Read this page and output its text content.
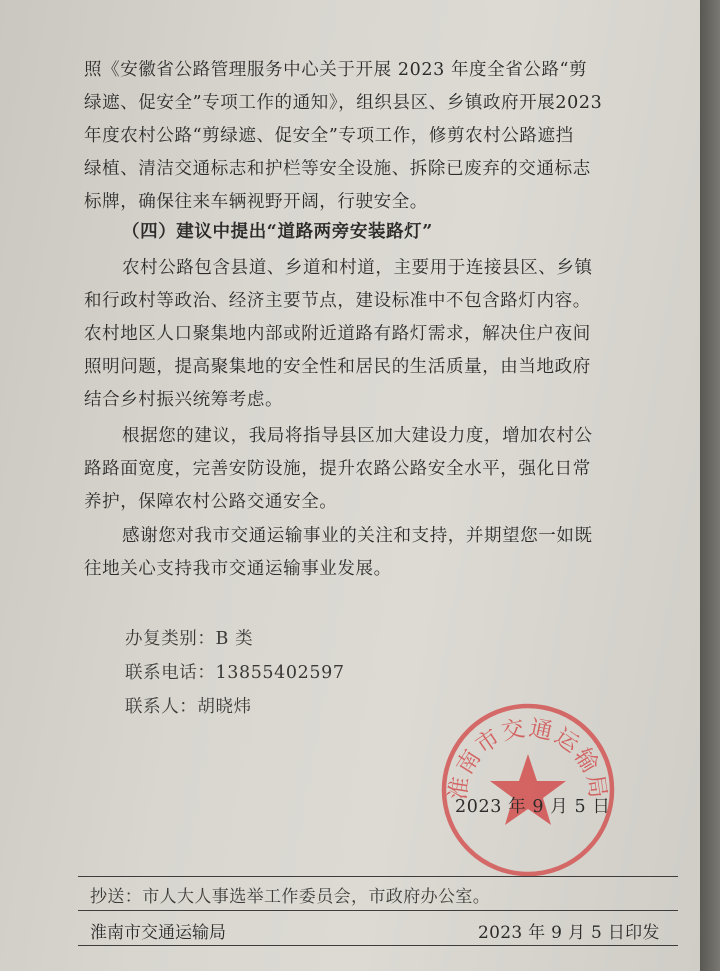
照《安徽省公路管理服务中心关于开展 2023 年度全省公路“剪
绿遮、促安全”专项工作的通知》，组织县区、乡镇政府开展2023
年度农村公路“剪绿遮、促安全”专项工作，修剪农村公路遮挡
绿植、清洁交通标志和护栏等安全设施、拆除已废弃的交通标志
标牌，确保往来车辆视野开阔，行驶安全。
（四）建议中提出“道路两旁安装路灯”
农村公路包含县道、乡道和村道，主要用于连接县区、乡镇
和行政村等政治、经济主要节点，建设标准中不包含路灯内容。
农村地区人口聚集地内部或附近道路有路灯需求，解决住户夜间
照明问题，提高聚集地的安全性和居民的生活质量，由当地政府
结合乡村振兴统筹考虑。
根据您的建议，我局将指导县区加大建设力度，增加农村公
路路面宽度，完善安防设施，提升农路公路安全水平，强化日常
养护，保障农村公路交通安全。
感谢您对我市交通运输事业的关注和支持，并期望您一如既
往地关心支持我市交通运输事业发展。
办复类别：B 类
联系电话：13855402597
联系人：胡晓炜
淮南市交通运输局
2023 年 9 月 5 日
抄送：市人大人事选举工作委员会，市政府办公室。
淮南市交通运输局	2023 年 9 月 5 日印发
